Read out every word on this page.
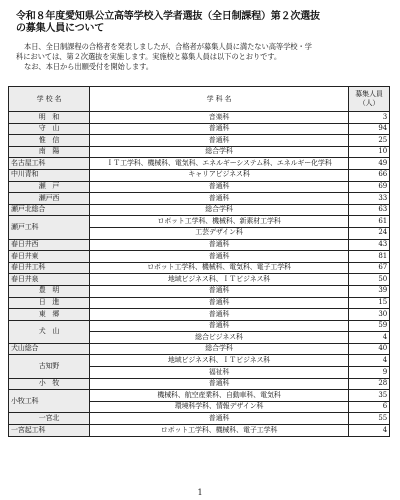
令和８年度愛知県公立高等学校入学者選抜（全日制課程）第２次選抜
の募集人員について

本日、全日制課程の合格者を発表しましたが、合格者が募集人員に満たない高等学校・学

科においては、第２次選抜を実施します。実施校と募集人員は以下のとおりです。

なお、本日から出願受付を開始します。

学 校 名	学 科 名	募集人員
（人）

明　和	音楽科	3
守　山	普通科	94
惟　信	普通科	25
南　陽	総合学科	10
名古屋工科	ＩＴ工学科、機械科、電気科、エネルギーシステム科、エネルギー化学科	49
中川青和	キャリアビジネス科	66
瀬　戸	普通科	69
瀬戸西	普通科	33
瀬戸北総合	総合学科	63
瀬戸工科	ロボット工学科、機械科、新素材工学科	61
	工芸デザイン科	24
春日井西	普通科	43
春日井東	普通科	81
春日井工科	ロボット工学科、機械科、電気科、電子工学科	67
春日井泉	地域ビジネス科、ＩＴビジネス科	50
豊　明	普通科	39
日　進	普通科	15
東　郷	普通科	30
犬　山	普通科	59
	総合ビジネス科	4
犬山総合	総合学科	40
古知野	地域ビジネス科、ＩＴビジネス科	4
	福祉科	9
小　牧	普通科	28
小牧工科	機械科、航空産業科、自動車科、電気科	35
	環境科学科、情報デザイン科	6
一宮北	普通科	55
一宮起工科	ロボット工学科、機械科、電子工学科	4
1
